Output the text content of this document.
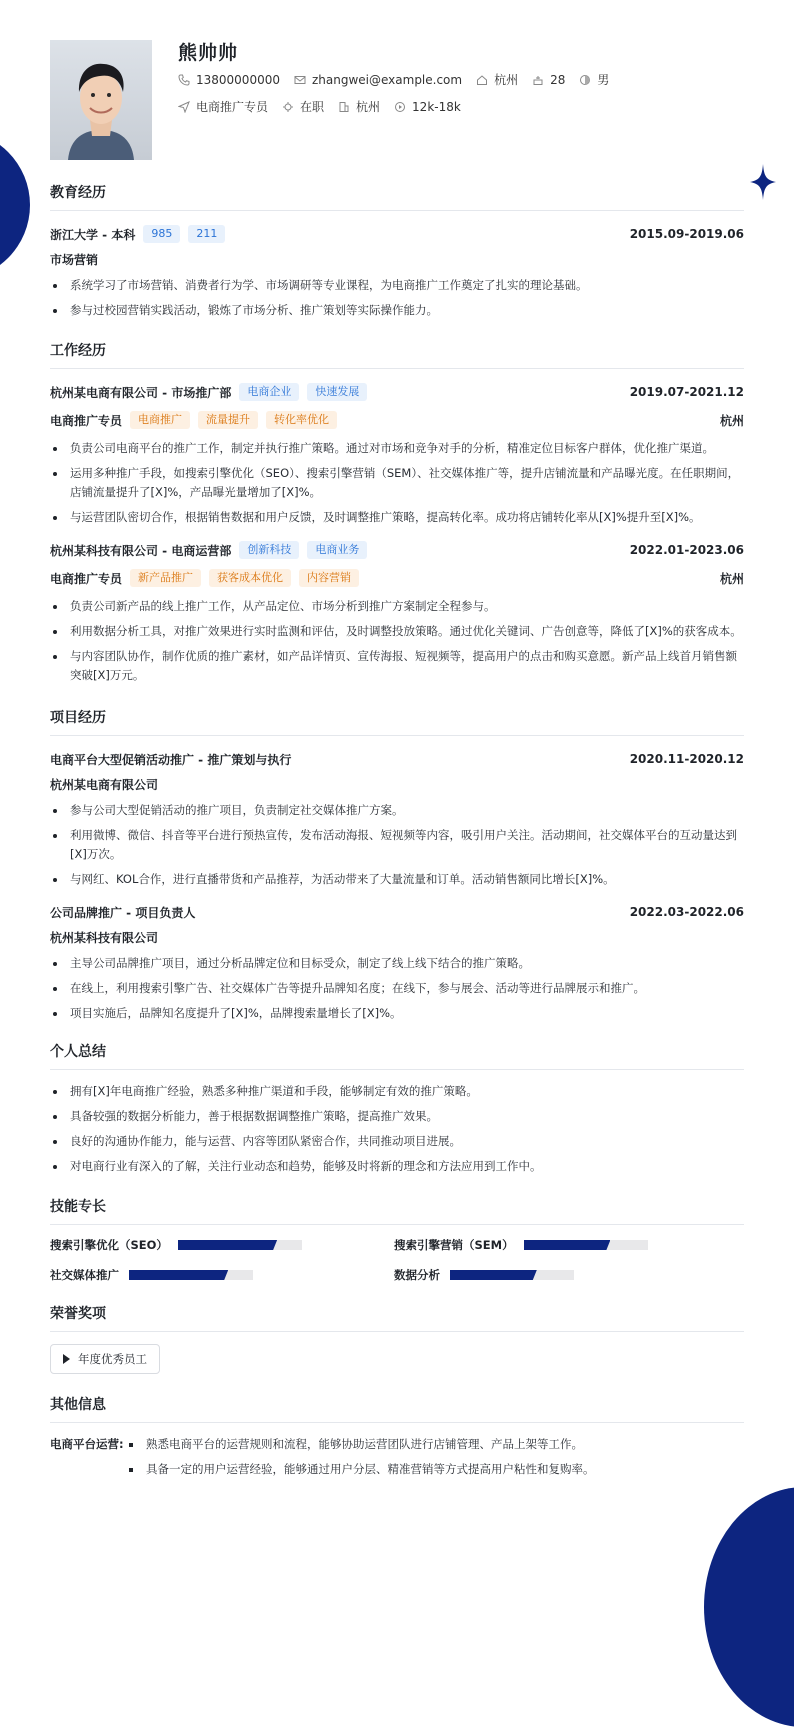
熊帅帅
13800000000	zhangwei@example.com	杭州	28	男
电商推广专员	在职	杭州	12k-18k
教育经历
浙江大学 - 本科	985	211	2015.09-2019.06
市场营销
系统学习了市场营销、消费者行为学、市场调研等专业课程，为电商推广工作奠定了扎实的理论基础。
参与过校园营销实践活动，锻炼了市场分析、推广策划等实际操作能力。
工作经历
杭州某电商有限公司 - 市场推广部	电商企业	快速发展	2019.07-2021.12
电商推广专员	电商推广	流量提升	转化率优化	杭州
负责公司电商平台的推广工作，制定并执行推广策略。通过对市场和竞争对手的分析，精准定位目标客户群体，优化推广渠道。
运用多种推广手段，如搜索引擎优化（SEO）、搜索引擎营销（SEM）、社交媒体推广等，提升店铺流量和产品曝光度。在任职期间，店铺流量提升了[X]%，产品曝光量增加了[X]%。
与运营团队密切合作，根据销售数据和用户反馈，及时调整推广策略，提高转化率。成功将店铺转化率从[X]%提升至[X]%。
杭州某科技有限公司 - 电商运营部	创新科技	电商业务	2022.01-2023.06
电商推广专员	新产品推广	获客成本优化	内容营销	杭州
负责公司新产品的线上推广工作，从产品定位、市场分析到推广方案制定全程参与。
利用数据分析工具，对推广效果进行实时监测和评估，及时调整投放策略。通过优化关键词、广告创意等，降低了[X]%的获客成本。
与内容团队协作，制作优质的推广素材，如产品详情页、宣传海报、短视频等，提高用户的点击和购买意愿。新产品上线首月销售额突破[X]万元。
项目经历
电商平台大型促销活动推广 - 推广策划与执行	2020.11-2020.12
杭州某电商有限公司
参与公司大型促销活动的推广项目，负责制定社交媒体推广方案。
利用微博、微信、抖音等平台进行预热宣传，发布活动海报、短视频等内容，吸引用户关注。活动期间，社交媒体平台的互动量达到[X]万次。
与网红、KOL合作，进行直播带货和产品推荐，为活动带来了大量流量和订单。活动销售额同比增长[X]%。
公司品牌推广 - 项目负责人	2022.03-2022.06
杭州某科技有限公司
主导公司品牌推广项目，通过分析品牌定位和目标受众，制定了线上线下结合的推广策略。
在线上，利用搜索引擎广告、社交媒体广告等提升品牌知名度；在线下，参与展会、活动等进行品牌展示和推广。
项目实施后，品牌知名度提升了[X]%，品牌搜索量增长了[X]%。
个人总结
拥有[X]年电商推广经验，熟悉多种推广渠道和手段，能够制定有效的推广策略。
具备较强的数据分析能力，善于根据数据调整推广策略，提高推广效果。
良好的沟通协作能力，能与运营、内容等团队紧密合作，共同推动项目进展。
对电商行业有深入的了解，关注行业动态和趋势，能够及时将新的理念和方法应用到工作中。
技能专长
搜索引擎优化（SEO）	搜索引擎营销（SEM）
社交媒体推广	数据分析
荣誉奖项
年度优秀员工
其他信息
电商平台运营:	熟悉电商平台的运营规则和流程，能够协助运营团队进行店铺管理、产品上架等工作。
具备一定的用户运营经验，能够通过用户分层、精准营销等方式提高用户粘性和复购率。
